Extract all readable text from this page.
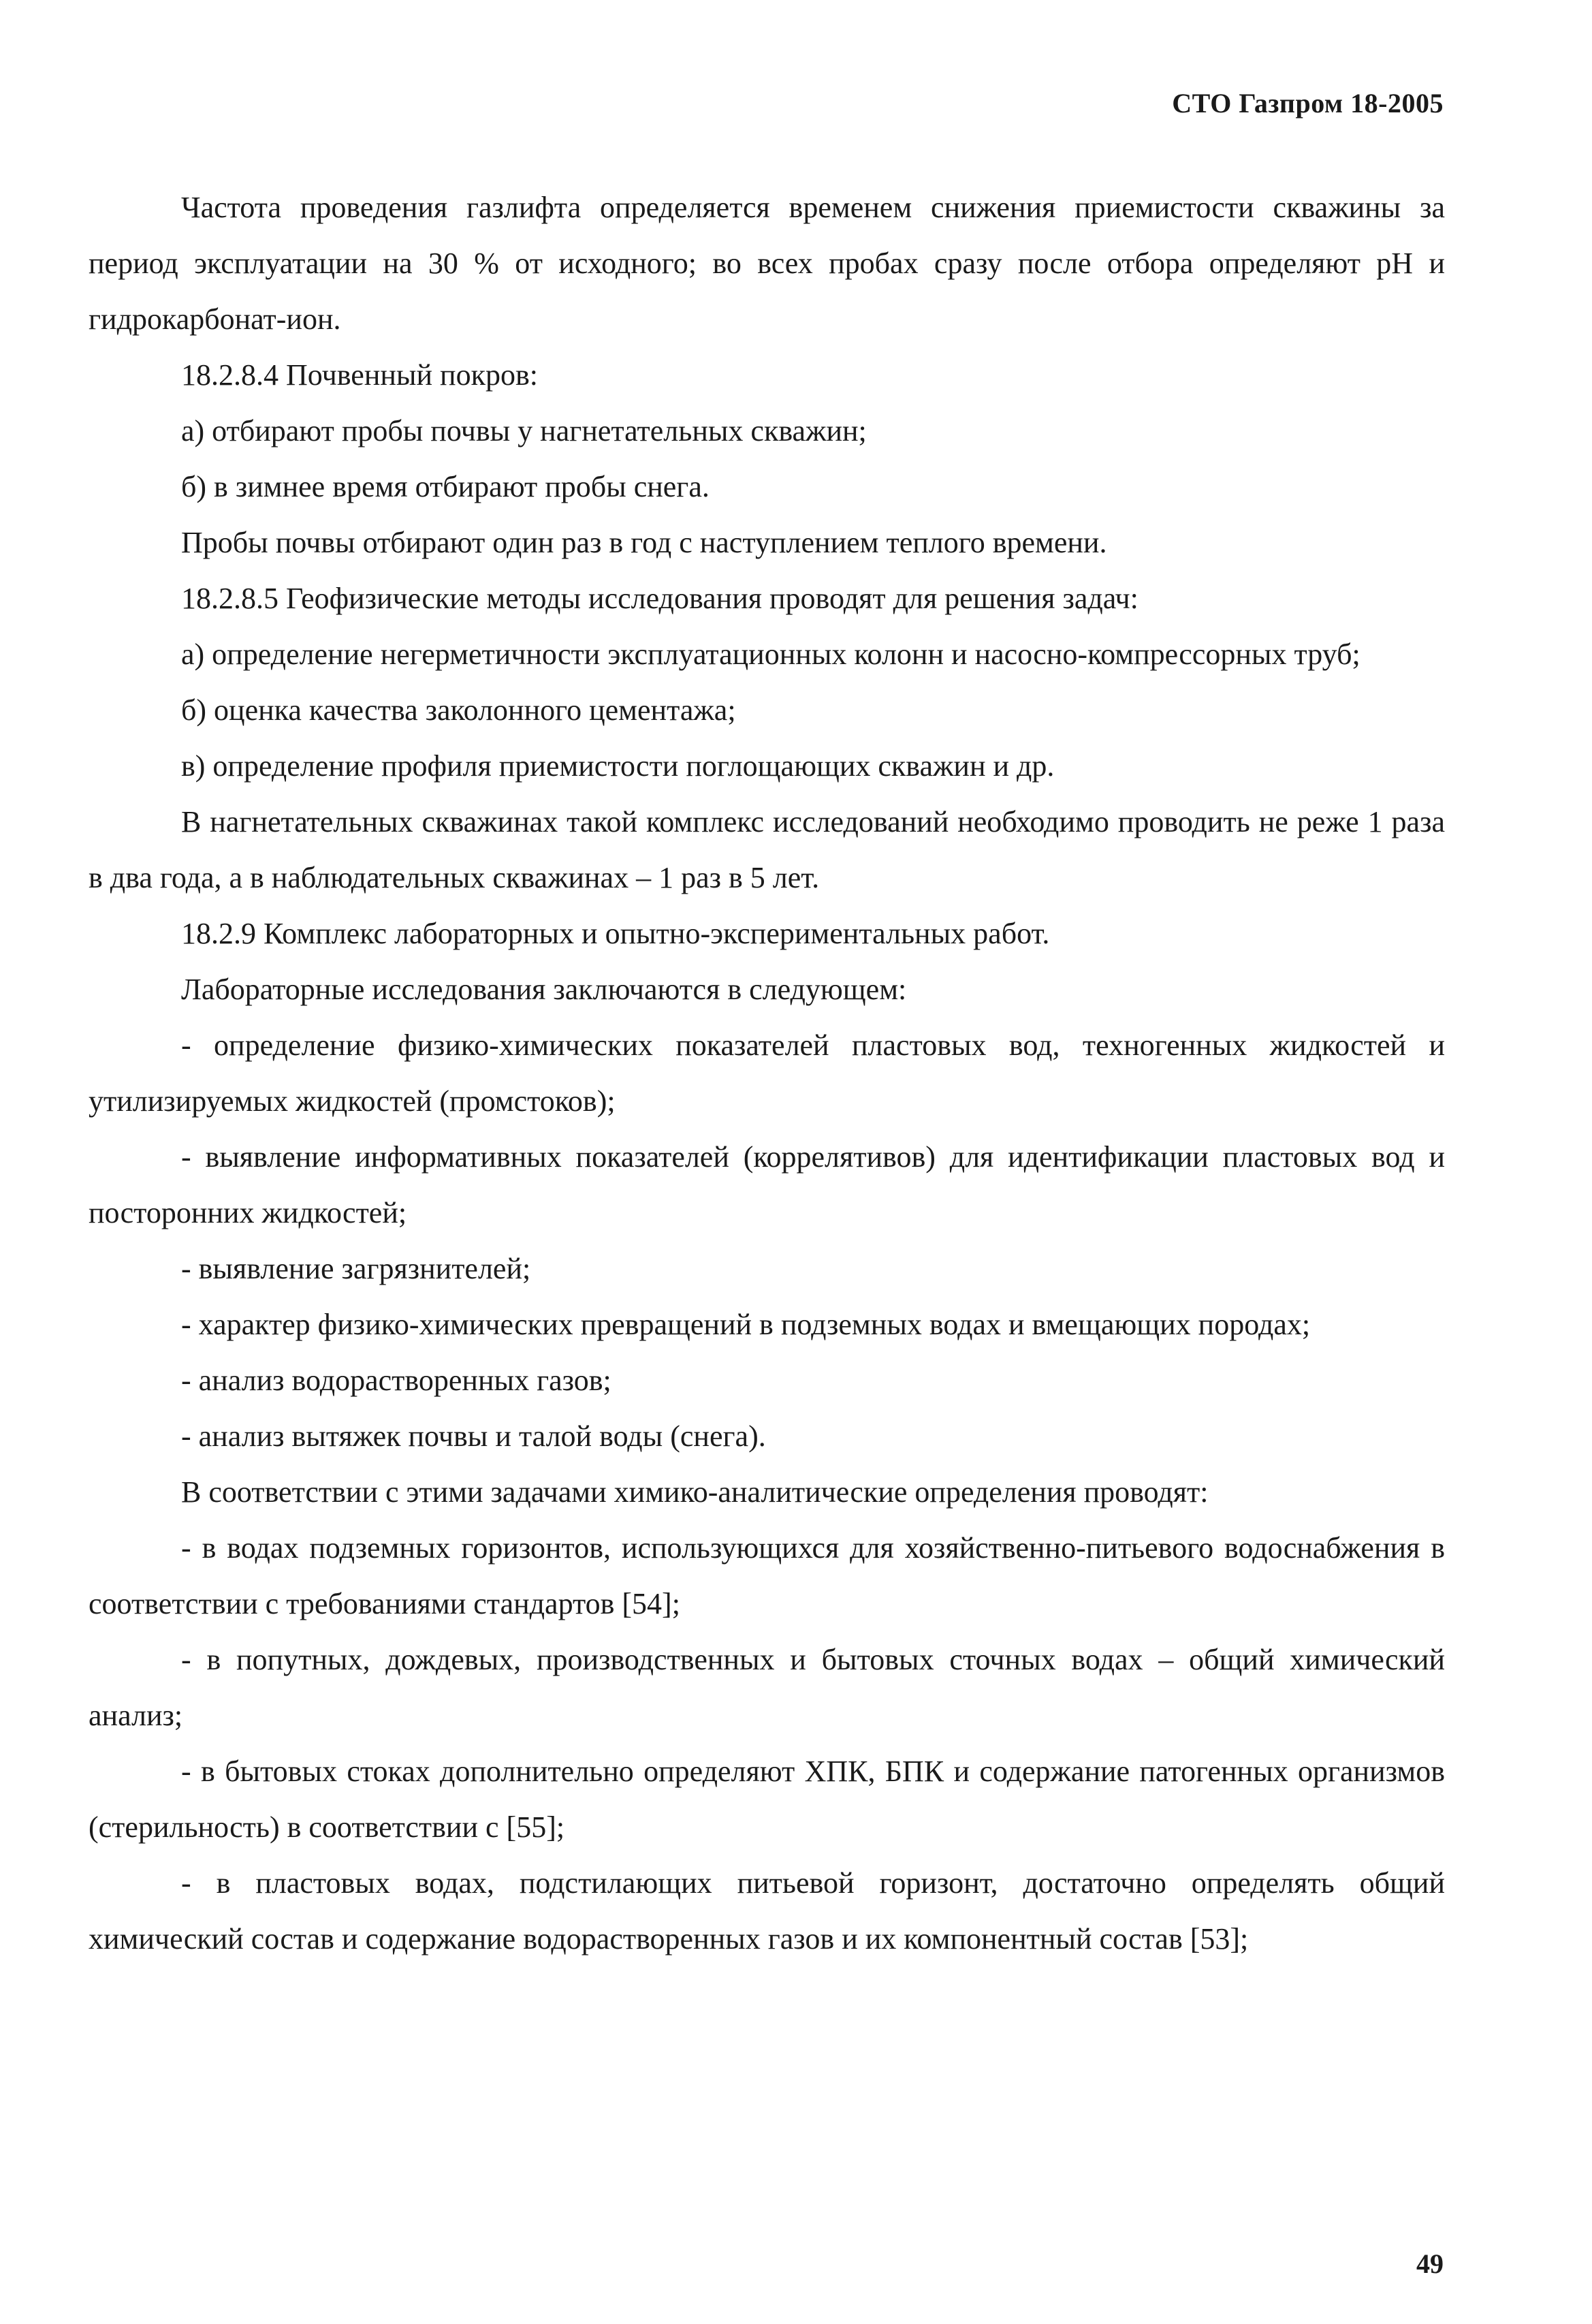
СТО Газпром 18-2005

Частота проведения газлифта определяется временем снижения приемистости скважины за период эксплуатации на 30 % от исходного; во всех пробах сразу после отбора определяют pH и гидрокарбонат-ион.

18.2.8.4 Почвенный покров:

а) отбирают пробы почвы у нагнетательных скважин;

б) в зимнее время отбирают пробы снега.

Пробы почвы отбирают один раз в год с наступлением теплого времени.

18.2.8.5 Геофизические методы исследования проводят для решения задач:

а) определение негерметичности эксплуатационных колонн и насосно-компрессорных труб;

б) оценка качества заколонного цементажа;

в) определение профиля приемистости поглощающих скважин и др.

В нагнетательных скважинах такой комплекс исследований необходимо проводить не реже 1 раза в два года, а в наблюдательных скважинах – 1 раз в 5 лет.

18.2.9 Комплекс лабораторных и опытно-экспериментальных работ.

Лабораторные исследования заключаются в следующем:

- определение физико-химических показателей пластовых вод, техногенных жидкостей и утилизируемых жидкостей (промстоков);

- выявление информативных показателей (коррелятивов) для идентификации пластовых вод и посторонних жидкостей;

- выявление загрязнителей;

- характер физико-химических превращений в подземных водах и вмещающих породах;

- анализ водорастворенных газов;

- анализ вытяжек почвы и талой воды (снега).

В соответствии с этими задачами химико-аналитические определения проводят:

- в водах подземных горизонтов, использующихся для хозяйственно-питьевого водоснабжения в соответствии с требованиями стандартов [54];

- в попутных, дождевых, производственных и бытовых сточных водах – общий химический анализ;

- в бытовых стоках дополнительно определяют ХПК, БПК и содержание патогенных организмов (стерильность) в соответствии с [55];

- в пластовых водах, подстилающих питьевой горизонт, достаточно определять общий химический состав и содержание водорастворенных газов и их компонентный состав [53];

49
